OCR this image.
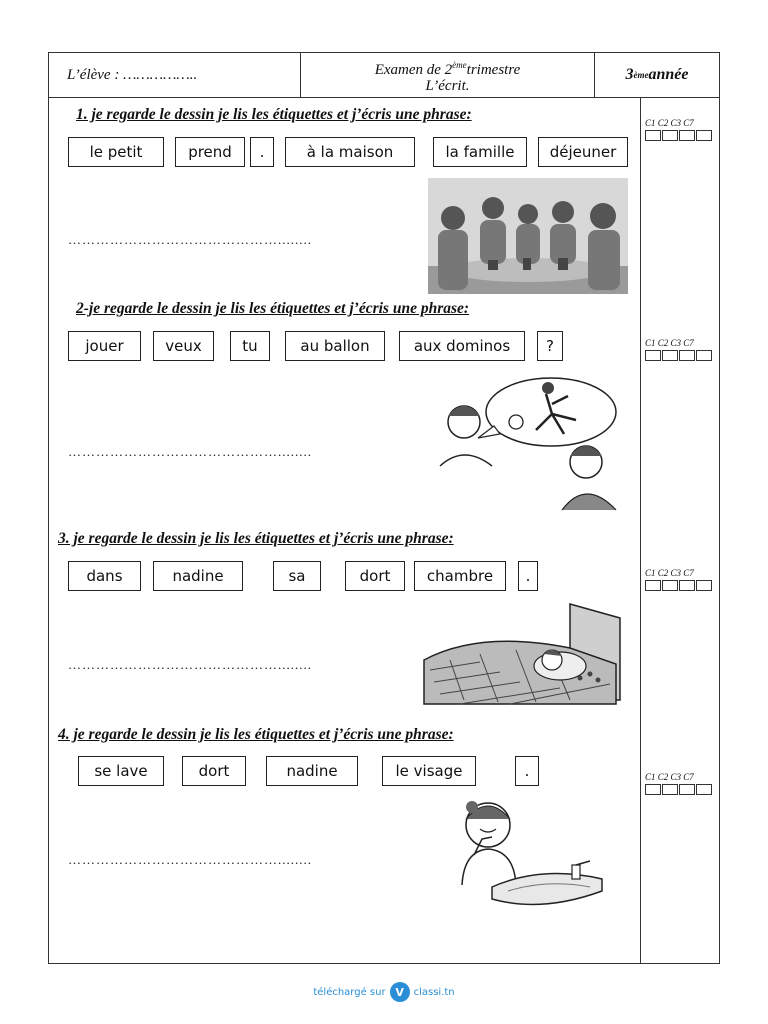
L’élève : ……………..	Examen de 2èmetrimestre
L’écrit.
3 ème année
1. je regarde le dessin je lis les étiquettes et j’écris une phrase:
le petit	prend	.	à la maison	la famille	déjeuner
………………………………………........
C1 C2 C3 C7
2-je regarde le dessin je lis les étiquettes et j’écris une phrase:
jouer	veux	tu	au ballon	aux dominos	?
………………………………………........
C1 C2 C3 C7
3. je regarde le dessin je lis les étiquettes et j’écris une phrase:
dans	nadine	sa	dort	chambre	.
………………………………………........
C1 C2 C3 C7
4. je regarde le dessin je lis les étiquettes et j’écris une phrase:
se lave	dort	nadine	le visage	.
………………………………………........
C1 C2 C3 C7
téléchargé sur V classi.tn
